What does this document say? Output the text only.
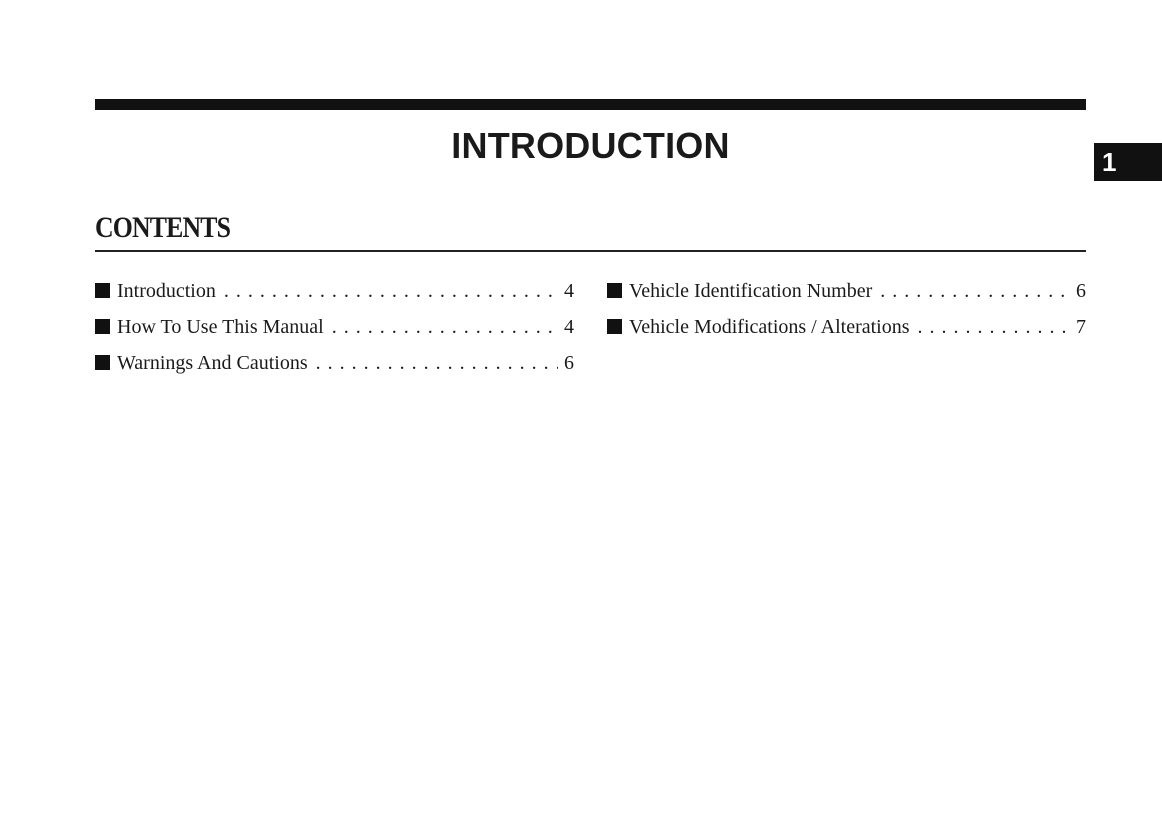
INTRODUCTION	1
CONTENTS
Introduction . . .	4
How To Use This Manual . . .	4
Warnings And Cautions . . .	6
Vehicle Identification Number . . .	6
Vehicle Modifications / Alterations . . .	7
